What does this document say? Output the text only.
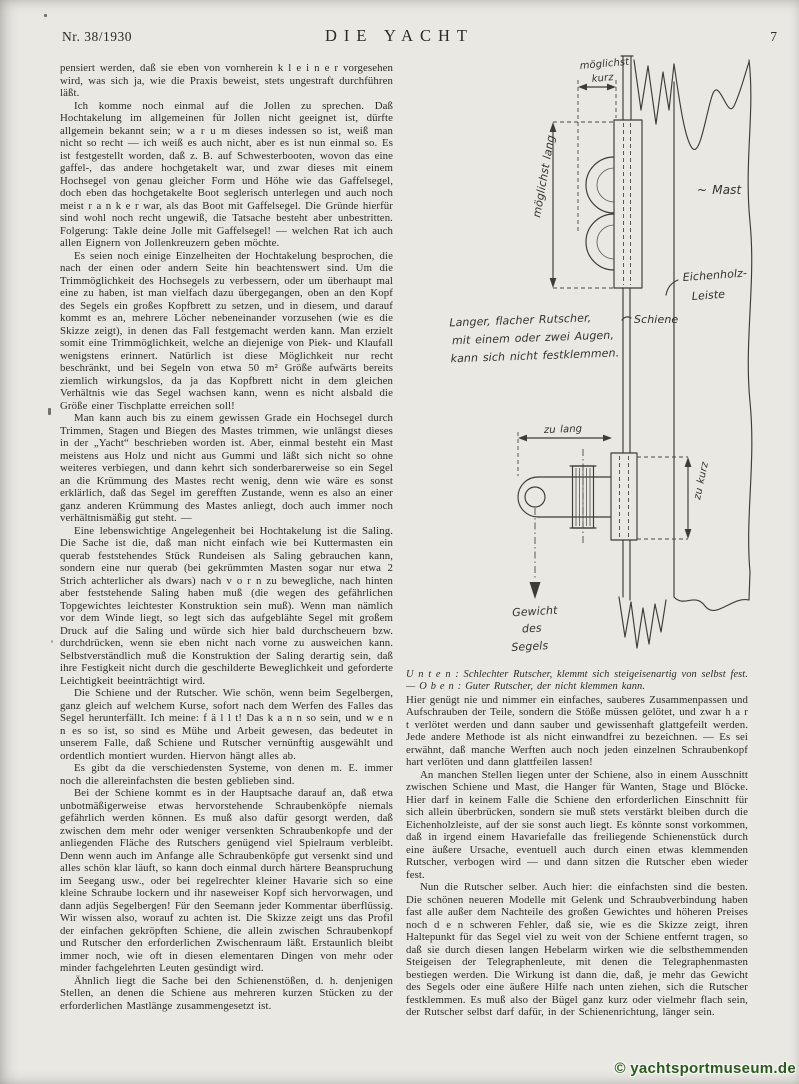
Nr. 38/1930	DIE YACHT	7

pensiert werden, daß sie eben von vornherein k l e i n e r vorgesehen wird, was sich ja, wie die Praxis beweist, stets ungestraft durchführen läßt.

Ich komme noch einmal auf die Jollen zu sprechen. Daß Hochtakelung im allgemeinen für Jollen nicht geeignet ist, dürfte allgemein bekannt sein; w a r u m dieses indessen so ist, weiß man nicht so recht — ich weiß es auch nicht, aber es ist nun einmal so. Es ist festgestellt worden, daß z. B. auf Schwesterbooten, wovon das eine gaffel-, das andere hochgetakelt war, und zwar dieses mit einem Hochsegel von genau gleicher Form und Höhe wie das Gaffelsegel, doch eben das hochgetakelte Boot seglerisch unterlegen und auch noch meist r a n k e r war, als das Boot mit Gaffelsegel. Die Gründe hierfür sind wohl noch recht ungewiß, die Tatsache besteht aber unbestritten. Folgerung: Takle deine Jolle mit Gaffelsegel! — welchen Rat ich auch allen Eignern von Jollenkreuzern geben möchte.

Es seien noch einige Einzelheiten der Hochtakelung besprochen, die nach der einen oder andern Seite hin beachtenswert sind. Um die Trimmöglichkeit des Hochsegels zu verbessern, oder um überhaupt mal eine zu haben, ist man vielfach dazu übergegangen, oben an den Kopf des Segels ein großes Kopfbrett zu setzen, und in diesem, und darauf kommt es an, mehrere Löcher nebeneinander vorzusehen (wie es die Skizze zeigt), in denen das Fall festgemacht werden kann. Man erzielt somit eine Trimmöglichkeit, welche an diejenige von Piek- und Klaufall wenigstens erinnert. Natürlich ist diese Möglichkeit nur recht beschränkt, und bei Segeln von etwa 50 m² Größe aufwärts bereits ziemlich wirkungslos, da ja das Kopfbrett nicht in dem gleichen Verhältnis wie das Segel wachsen kann, wenn es nicht alsbald die Größe einer Tischplatte erreichen soll!

Man kann auch bis zu einem gewissen Grade ein Hochsegel durch Trimmen, Stagen und Biegen des Mastes trimmen, wie unlängst dieses in der „Yacht“ beschrieben worden ist. Aber, einmal besteht ein Mast meistens aus Holz und nicht aus Gummi und läßt sich nicht so ohne weiteres verbiegen, und dann kehrt sich sonderbarerweise so ein Segel an die Krümmung des Mastes recht wenig, denn wie wäre es sonst erklärlich, daß das Segel im gerefften Zustande, wenn es also an einer ganz anderen Krümmung des Mastes anliegt, doch auch immer noch verhältnismäßig gut steht. —

Eine lebenswichtige Angelegenheit bei Hochtakelung ist die Saling. Die Sache ist die, daß man nicht einfach wie bei Kuttermasten ein querab feststehendes Stück Rundeisen als Saling gebrauchen kann, sondern eine nur querab (bei gekrümmten Masten sogar nur etwa 2 Strich achterlicher als dwars) nach v o r n zu bewegliche, nach hinten aber feststehende Saling haben muß (die wegen des gefährlichen Topgewichtes leichtester Konstruktion sein muß). Wenn man nämlich vor dem Winde liegt, so legt sich das aufgeblähte Segel mit großem Druck auf die Saling und würde sich hier bald durchscheuern bzw. durchdrücken, wenn sie eben nicht nach vorne zu ausweichen kann. Selbstverständlich muß die Konstruktion der Saling derartig sein, daß ihre Festigkeit nicht durch die geschilderte Beweglichkeit und geforderte Leichtigkeit beeinträchtigt wird.

Die Schiene und der Rutscher. Wie schön, wenn beim Segelbergen, ganz gleich auf welchem Kurse, sofort nach dem Werfen des Falles das Segel herunterfällt. Ich meine: f ä l l t! Das k a n n so sein, und w e n n es so ist, so sind es Mühe und Arbeit gewesen, das bedeutet in unserem Falle, daß Schiene und Rutscher vernünftig ausgewählt und ordentlich montiert wurden. Hiervon hängt alles ab.

Es gibt da die verschiedensten Systeme, von denen m. E. immer noch die allereinfachsten die besten geblieben sind.

Bei der Schiene kommt es in der Hauptsache darauf an, daß etwa unbotmäßigerweise etwas hervorstehende Schraubenköpfe niemals gefährlich werden können. Es muß also dafür gesorgt werden, daß zwischen dem mehr oder weniger versenkten Schraubenkopfe und der anliegenden Fläche des Rutschers genügend viel Spielraum verbleibt. Denn wenn auch im Anfange alle Schraubenköpfe gut versenkt sind und alles schön klar läuft, so kann doch einmal durch härtere Beanspruchung im Seegang usw., oder bei regelrechter kleiner Havarie sich so eine kleine Schraube lockern und ihr naseweiser Kopf sich hervorwagen, und dann adjüs Segelbergen! Für den Seemann jeder Kommentar überflüssig. Wir wissen also, worauf zu achten ist. Die Skizze zeigt uns das Profil der einfachen gekröpften Schiene, die allein zwischen Schraubenkopf und Rutscher den erforderlichen Zwischenraum läßt. Erstaunlich bleibt immer noch, wie oft in diesen elementaren Dingen von mehr oder minder fachgelehrten Leuten gesündigt wird.

Ähnlich liegt die Sache bei den Schienenstößen, d. h. denjenigen Stellen, an denen die Schiene aus mehreren kurzen Stücken zu der erforderlichen Mastlänge zusammengesetzt ist.

möglichst
kurz
möglichst lang	~ Mast
Eichenholz-
Leiste
Schiene
Langer, flacher Rutscher,
mit einem oder zwei Augen,
kann sich nicht festklemmen.
zu lang
zu kurz
Gewicht
des
Segels

U n t e n : Schlechter Rutscher, klemmt sich steigeisenartig von selbst fest. — O b e n : Guter Rutscher, der nicht klemmen kann.

Hier genügt nie und nimmer ein einfaches, sauberes Zusammenpassen und Aufschrauben der Teile, sondern die Stöße müssen gelötet, und zwar h a r t verlötet werden und dann sauber und gewissenhaft glattgefeilt werden. Jede andere Methode ist als nicht einwandfrei zu bezeichnen. — Es sei erwähnt, daß manche Werften auch noch jeden einzelnen Schraubenkopf hart verlöten und dann glattfeilen lassen!

An manchen Stellen liegen unter der Schiene, also in einem Ausschnitt zwischen Schiene und Mast, die Hanger für Wanten, Stage und Blöcke. Hier darf in keinem Falle die Schiene den erforderlichen Einschnitt für sich allein überbrücken, sondern sie muß stets verstärkt bleiben durch die Eichenholzleiste, auf der sie sonst auch liegt. Es könnte sonst vorkommen, daß in irgend einem Havariefalle das freiliegende Schienenstück durch eine äußere Ursache, eventuell auch durch einen etwas klemmenden Rutscher, verbogen wird — und dann sitzen die Rutscher eben wieder fest.

Nun die Rutscher selber. Auch hier: die einfachsten sind die besten. Die schönen neueren Modelle mit Gelenk und Schraubverbindung haben fast alle außer dem Nachteile des großen Gewichtes und höheren Preises noch d e n schweren Fehler, daß sie, wie es die Skizze zeigt, ihren Haltepunkt für das Segel viel zu weit von der Schiene entfernt tragen, so daß sie durch diesen langen Hebelarm wirken wie die selbsthemmenden Steigeisen der Telegraphenleute, mit denen die Telegraphenmasten bestiegen werden. Die Wirkung ist dann die, daß, je mehr das Gewicht des Segels oder eine äußere Hilfe nach unten ziehen, sich die Rutscher festklemmen. Es muß also der Bügel ganz kurz oder vielmehr flach sein, der Rutscher selbst darf dafür, in der Schienenrichtung, länger sein.

© yachtsportmuseum.de
